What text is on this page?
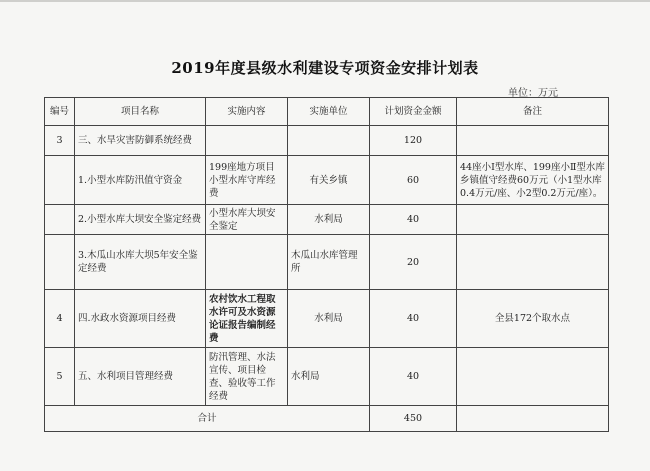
2019年度县级水利建设专项资金安排计划表
单位：万元
编号	项目名称	实施内容	实施单位	计划资金金额	备注
3	三、水旱灾害防御系统经费			120	
	1.小型水库防汛值守资金	199座地方项目小型水库守库经费	有关乡镇	60	44座小Ⅰ型水库、199座小Ⅱ型水库乡镇值守经费60万元（小1型水库0.4万元/座、小2型0.2万元/座）。
	2.小型水库大坝安全鉴定经费	小型水库大坝安全鉴定	水利局	40	
	3.木瓜山水库大坝5年安全鉴定经费		木瓜山水库管理所	20	
4	四.水政水资源项目经费	农村饮水工程取水许可及水资源论证报告编制经费	水利局	40	全县172个取水点
5	五、水利项目管理经费	防汛管理、水法宣传、项目检查、验收等工作经费	水利局	40	
合计				450	
